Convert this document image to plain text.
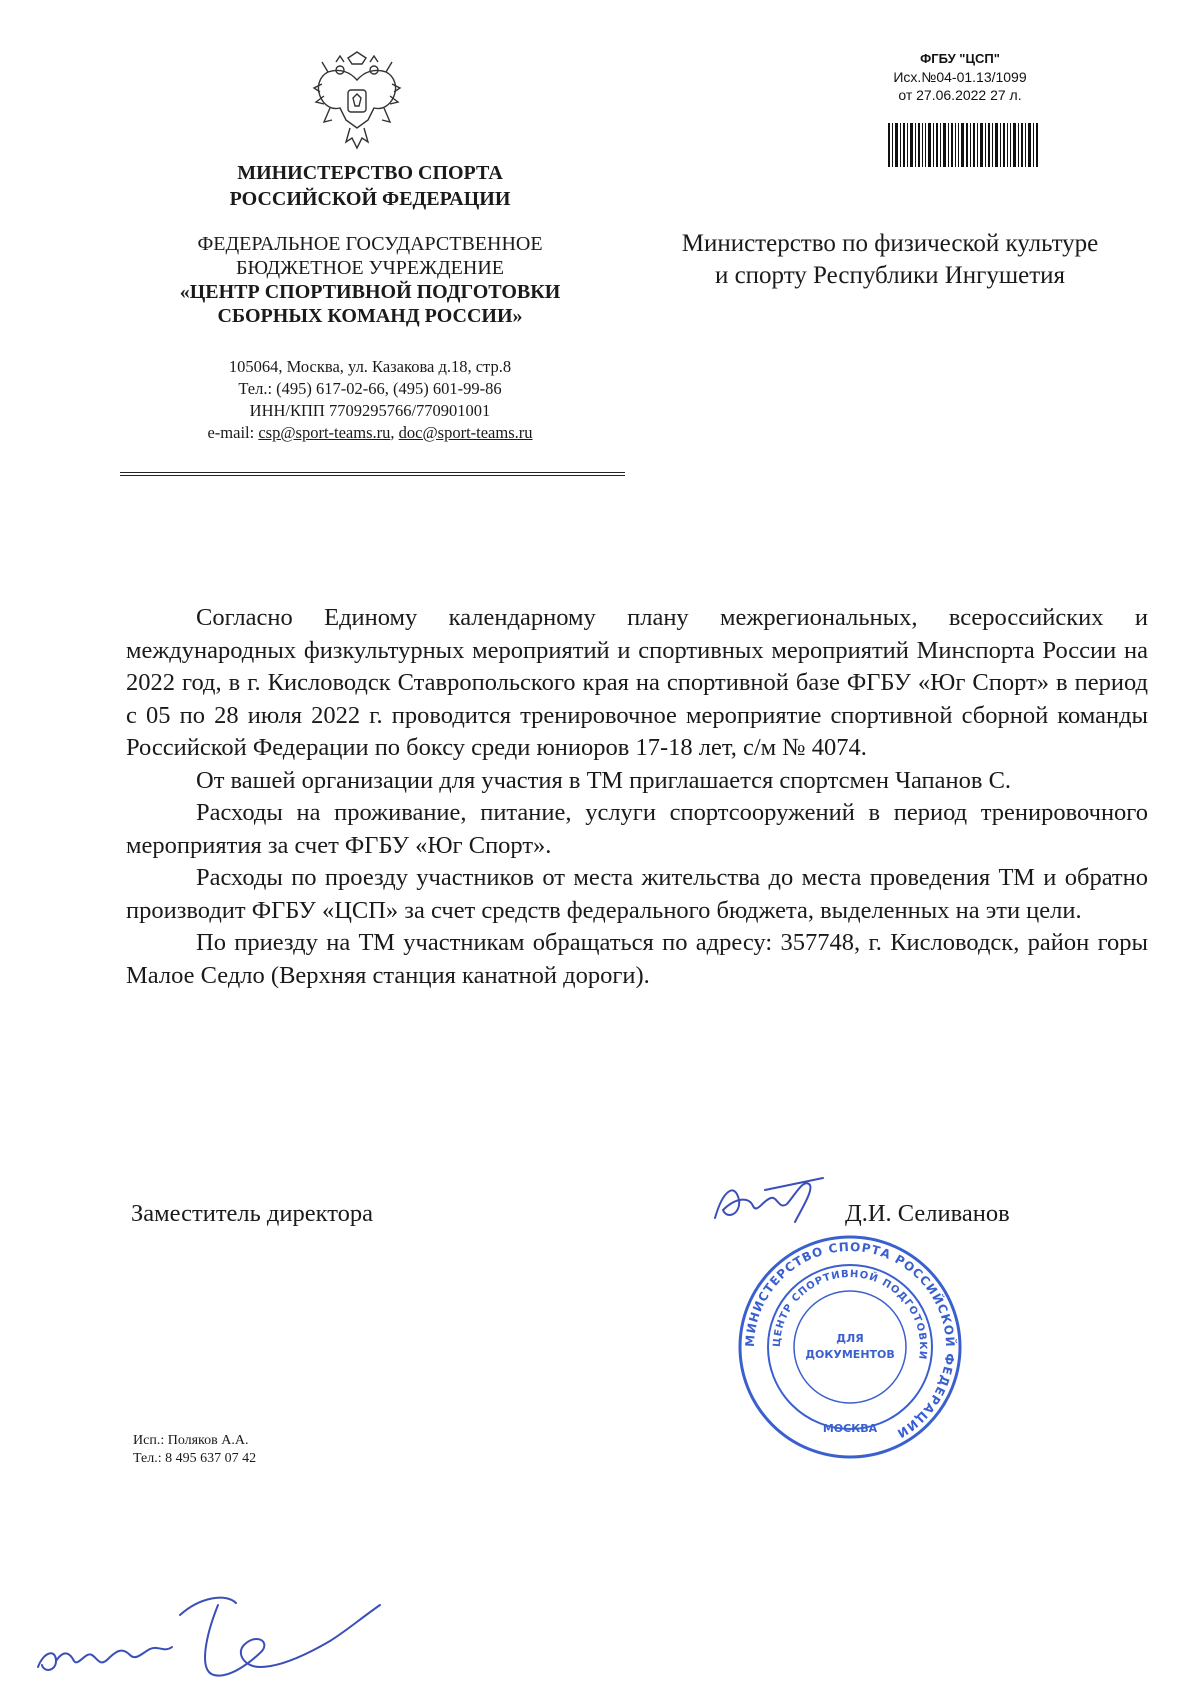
МИНИСТЕРСТВО СПОРТА
РОССИЙСКОЙ ФЕДЕРАЦИИ
ФЕДЕРАЛЬНОЕ ГОСУДАРСТВЕННОЕ
БЮДЖЕТНОЕ УЧРЕЖДЕНИЕ
«ЦЕНТР СПОРТИВНОЙ ПОДГОТОВКИ
СБОРНЫХ КОМАНД РОССИИ»
105064, Москва, ул. Казакова д.18, стр.8
Тел.: (495) 617-02-66, (495) 601-99-86
ИНН/КПП 7709295766/770901001
e-mail: csp@sport-teams.ru, doc@sport-teams.ru
ФГБУ "ЦСП"
Исх.№04-01.13/1099
от 27.06.2022 27 л.
Министерство по физической культуре
и спорту Республики Ингушетия

Согласно Единому календарному плану межрегиональных, всероссийских и международных физкультурных мероприятий и спортивных мероприятий Минспорта России на 2022 год, в г. Кисловодск Ставропольского края на спортивной базе ФГБУ «Юг Спорт» в период с 05 по 28 июля 2022 г. проводится тренировочное мероприятие спортивной сборной команды Российской Федерации по боксу среди юниоров 17-18 лет, с/м № 4074.

От вашей организации для участия в ТМ приглашается спортсмен Чапанов С.

Расходы на проживание, питание, услуги спортсооружений в период тренировочного мероприятия за счет ФГБУ «Юг Спорт».

Расходы по проезду участников от места жительства до места проведения ТМ и обратно производит ФГБУ «ЦСП» за счет средств федерального бюджета, выделенных на эти цели.

По приезду на ТМ участникам обращаться по адресу: 357748, г. Кисловодск, район горы Малое Седло (Верхняя станция канатной дороги).

Заместитель директора
МИНИСТЕРСТВО СПОРТА РОССИЙСКОЙ ФЕДЕРАЦИИ
ЦЕНТР СПОРТИВНОЙ ПОДГОТОВКИ
ДЛЯ
ДОКУМЕНТОВ
МОСКВА
Д.И. Селиванов
Исп.: Поляков А.А.
Тел.: 8 495 637 07 42
